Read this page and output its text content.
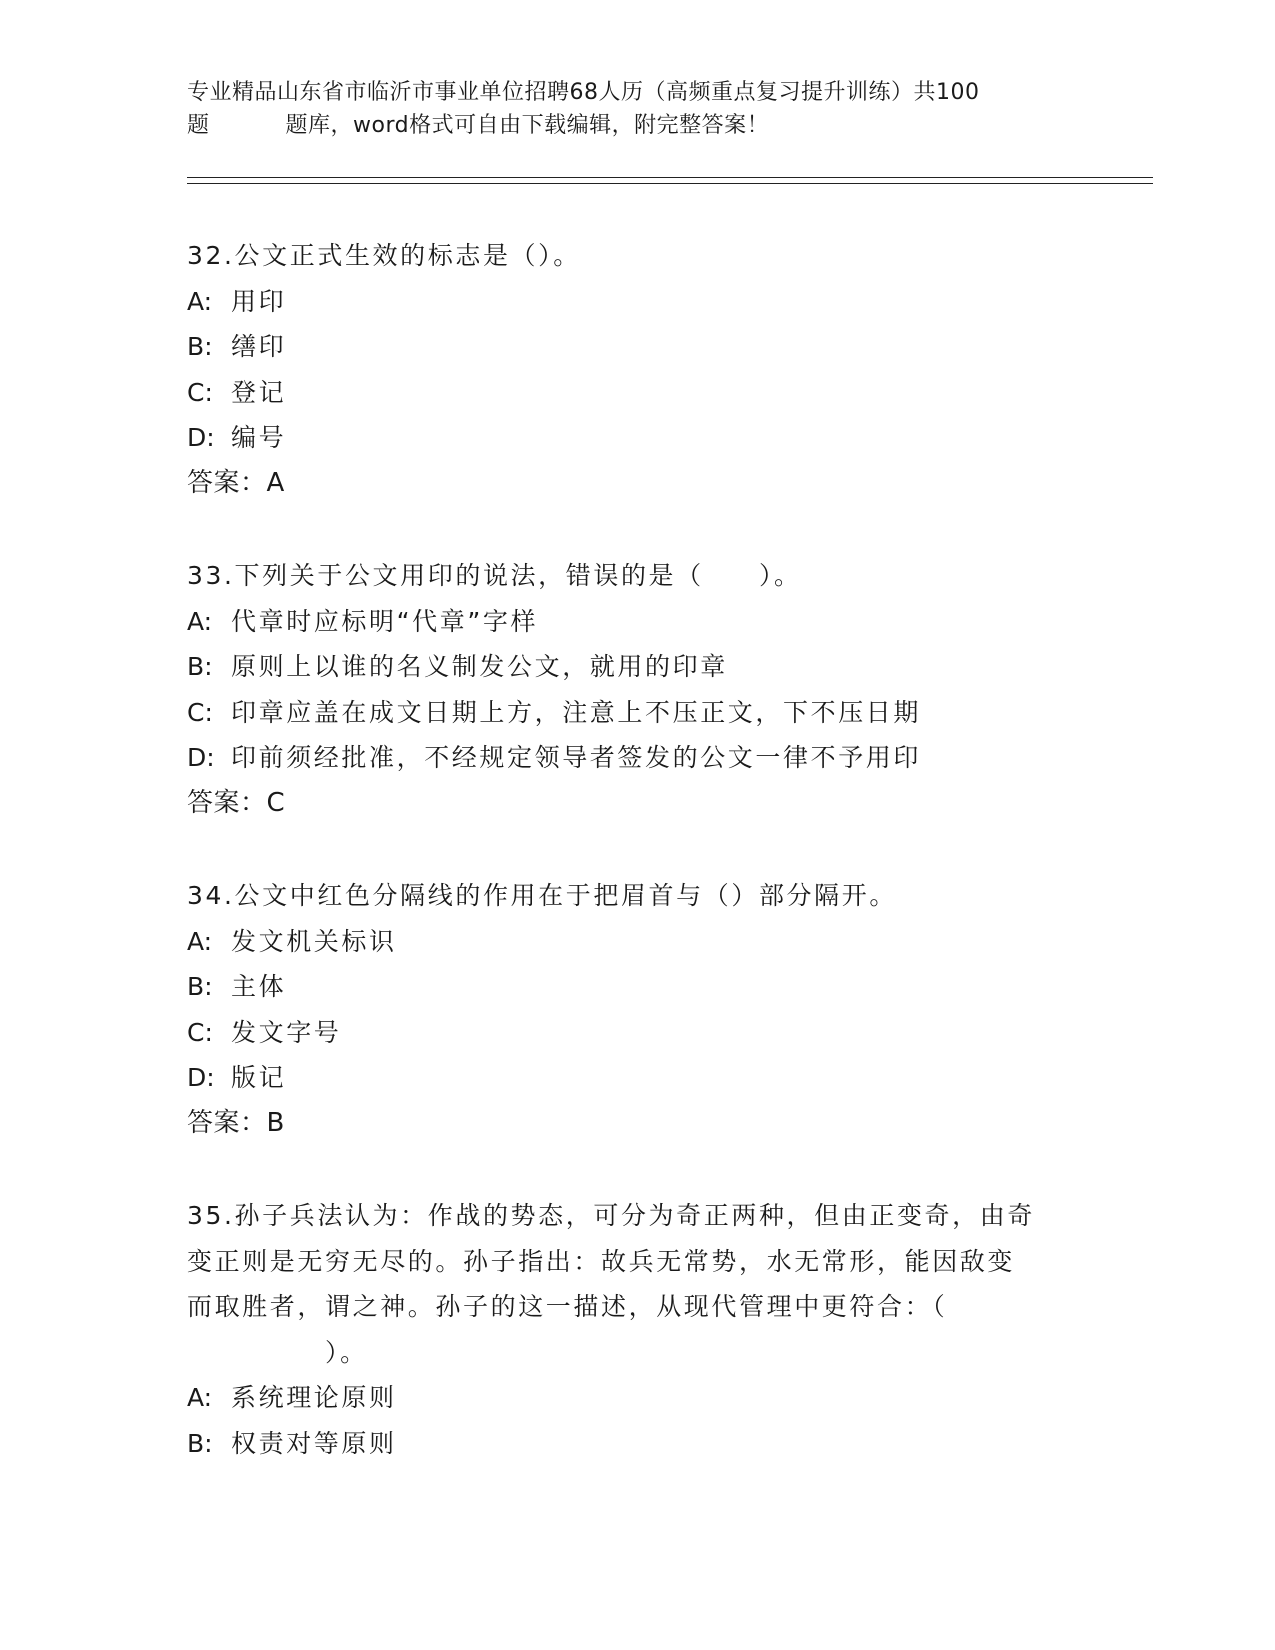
专业精品山东省市临沂市事业单位招聘68人历（高频重点复习提升训练）共100
题	题库，word格式可自由下载编辑，附完整答案！
32.公文正式生效的标志是（）。
A: 用印
B: 缮印
C: 登记
D: 编号
答案：A
33.下列关于公文用印的说法，错误的是（　　）。
A: 代章时应标明“代章”字样
B: 原则上以谁的名义制发公文，就用的印章
C: 印章应盖在成文日期上方，注意上不压正文，下不压日期
D: 印前须经批准，不经规定领导者签发的公文一律不予用印
答案：C
34.公文中红色分隔线的作用在于把眉首与（）部分隔开。
A: 发文机关标识
B: 主体
C: 发文字号
D: 版记
答案：B
35.孙子兵法认为：作战的势态，可分为奇正两种，但由正变奇，由奇
变正则是无穷无尽的。孙子指出：故兵无常势，水无常形，能因敌变
而取胜者，谓之神。孙子的这一描述，从现代管理中更符合：（
　　　　　）。
A: 系统理论原则
B: 权责对等原则
